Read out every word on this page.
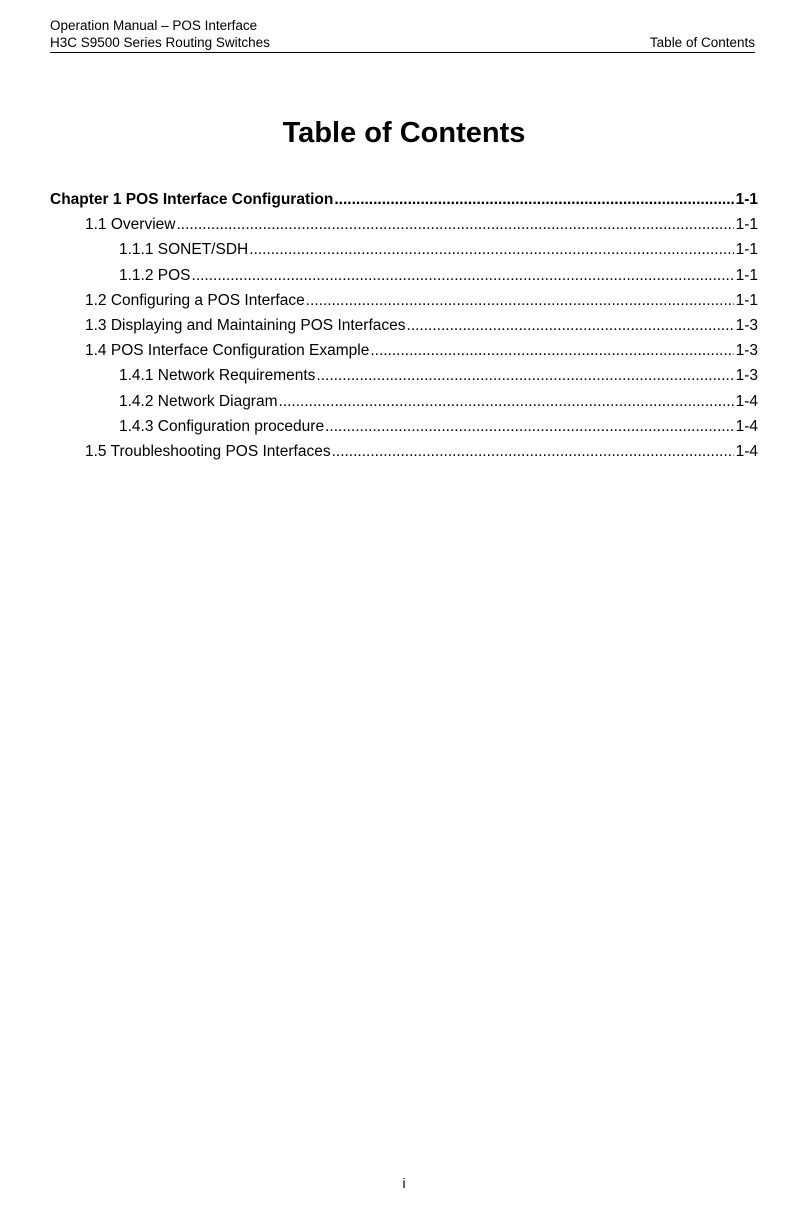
Operation Manual – POS Interface
H3C S9500 Series Routing Switches	Table of Contents
Table of Contents
Chapter 1 POS Interface Configuration .....	1-1
1.1 Overview .....	1-1
1.1.1 SONET/SDH .....	1-1
1.1.2 POS .....	1-1
1.2 Configuring a POS Interface .....	1-1
1.3 Displaying and Maintaining POS Interfaces .....	1-3
1.4 POS Interface Configuration Example .....	1-3
1.4.1 Network Requirements .....	1-3
1.4.2 Network Diagram .....	1-4
1.4.3 Configuration procedure .....	1-4
1.5 Troubleshooting POS Interfaces .....	1-4
i
